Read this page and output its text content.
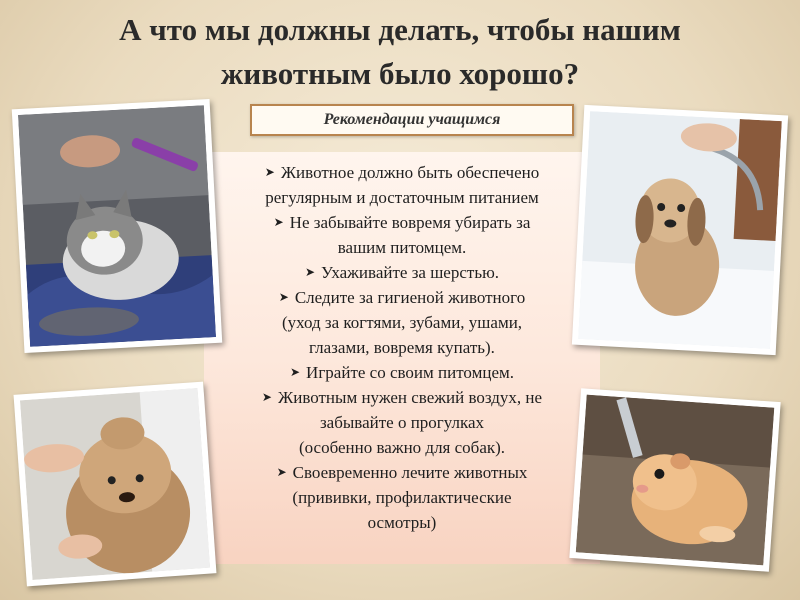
А что мы должны делать, чтобы нашим
животным было хорошо?
Рекомендации учащимся
➤ Животное должно быть обеспечено
регулярным и достаточным питанием
➤ Не забывайте вовремя убирать за
вашим питомцем.
➤ Ухаживайте за шерстью.
➤ Следите за гигиеной животного
(уход за когтями, зубами, ушами,
глазами, вовремя купать).
➤ Играйте со своим питомцем.
➤ Животным нужен свежий воздух, не
забывайте о прогулках
(особенно важно для собак).
➤ Своевременно лечите животных
(прививки, профилактические
осмотры)
